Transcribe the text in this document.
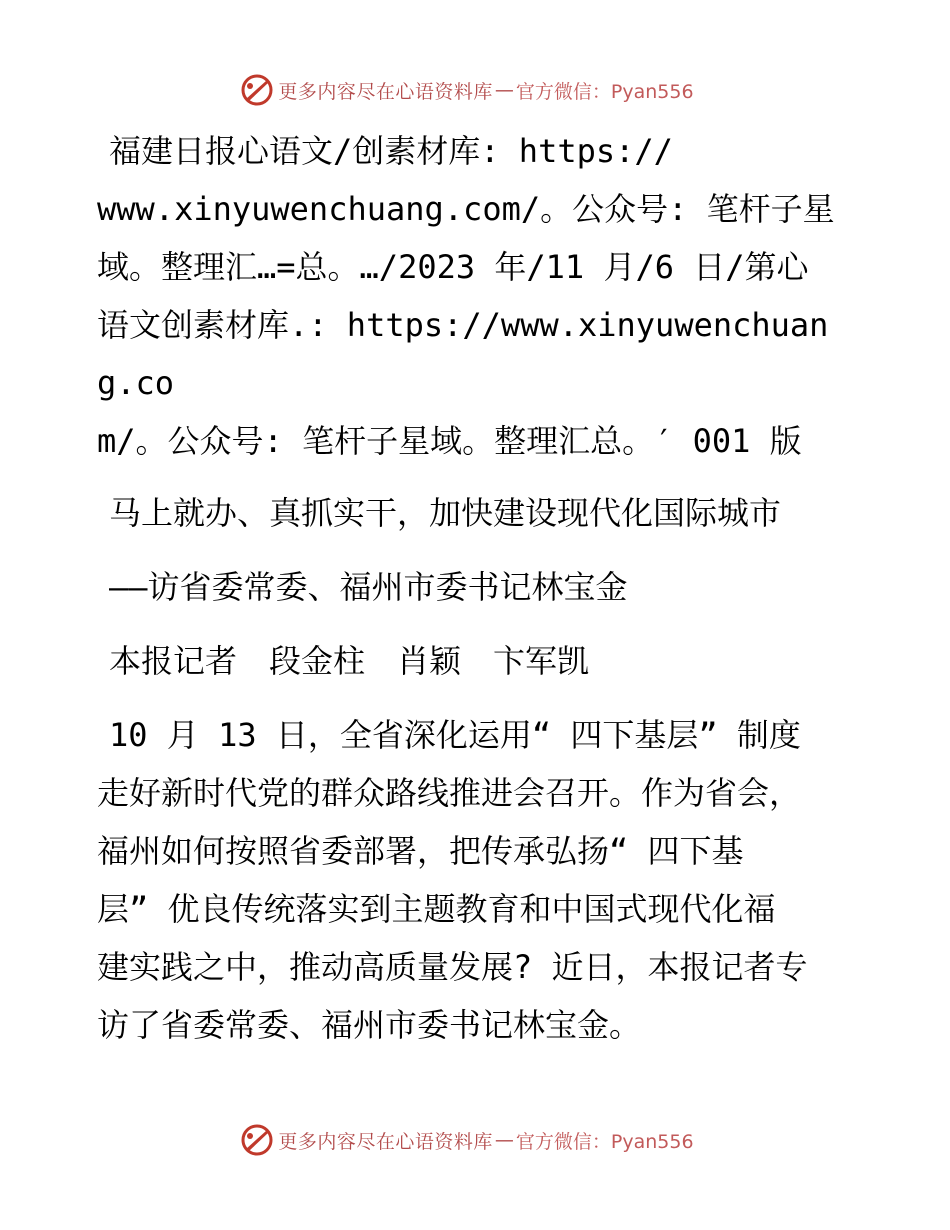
更多内容尽在心语资料库 — 官方微信：Pyan556

福建日报心语文/创素材库: https://

www.xinyuwenchuang.com/。公众号: 笔杆子星

域。整理汇…=总。…/2023 年/11 月/6 日/第心

语文创素材库.: https://www.xinyuwenchuang.co

m/。公众号: 笔杆子星域。整理汇总。′ 001 版

马上就办、真抓实干，加快建设现代化国际城市

——访省委常委、福州市委书记林宝金

本报记者　段金柱　肖颖　卞军凯

10 月 13 日，全省深化运用“ 四下基层” 制度

走好新时代党的群众路线推进会召开。作为省会，

福州如何按照省委部署，把传承弘扬“ 四下基

层” 优良传统落实到主题教育和中国式现代化福

建实践之中，推动高质量发展? 近日，本报记者专

访了省委常委、福州市委书记林宝金。

更多内容尽在心语资料库 — 官方微信：Pyan556
